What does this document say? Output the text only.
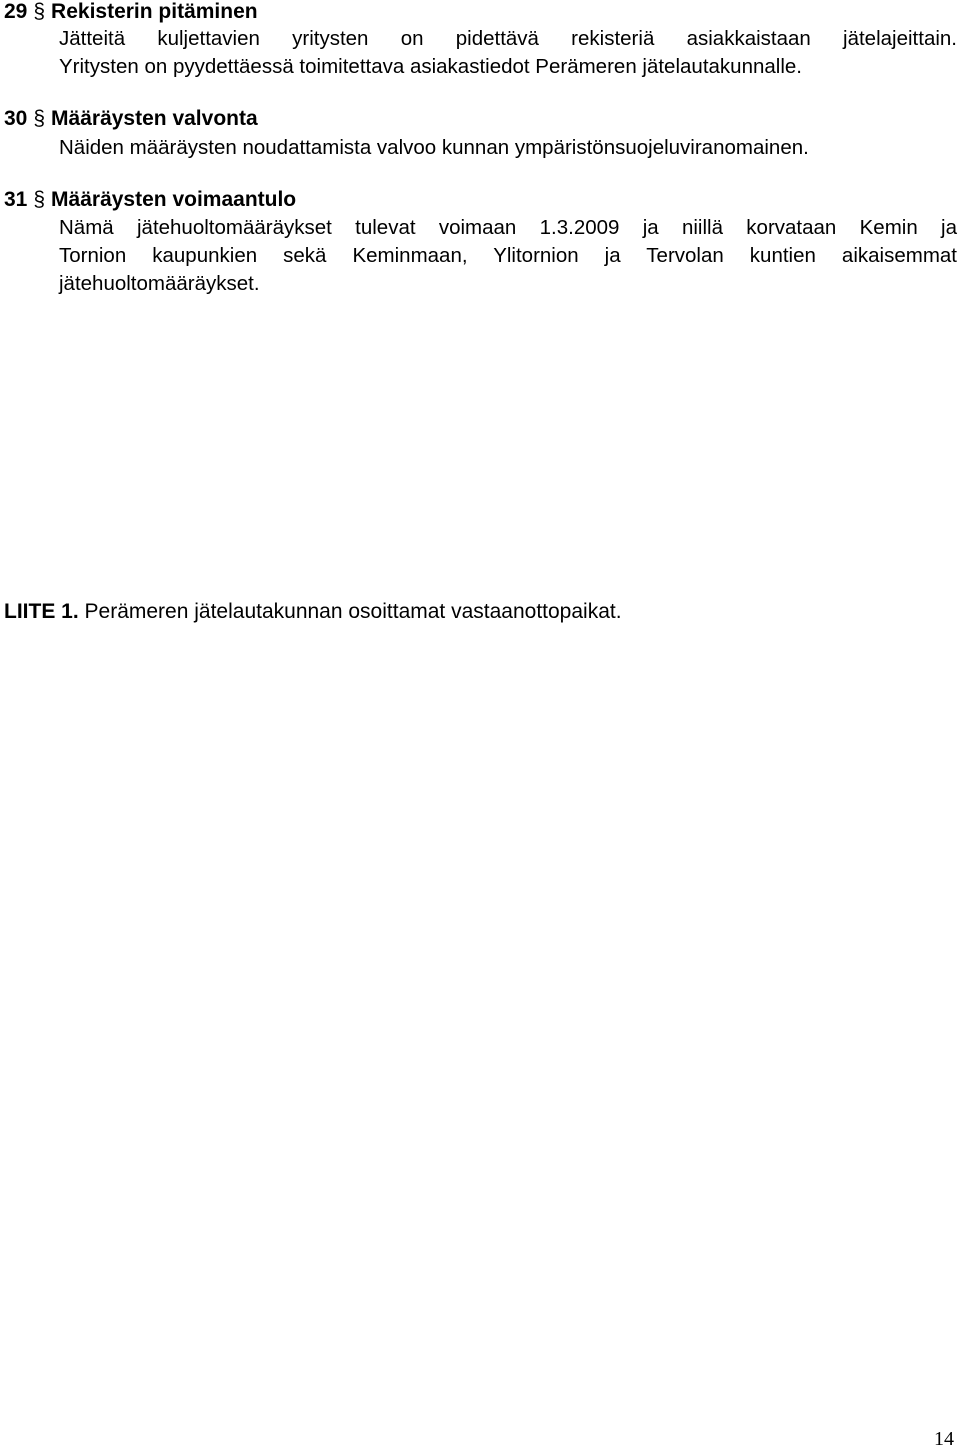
29 § Rekisterin pitäminen
Jätteitä kuljettavien yritysten on pidettävä rekisteriä asiakkaistaan jätelajeittain.
Yritysten on pyydettäessä toimitettava asiakastiedot Perämeren jätelautakunnalle.
30 § Määräysten valvonta
Näiden määräysten noudattamista valvoo kunnan ympäristönsuojeluviranomainen.
31 § Määräysten voimaantulo
Nämä jätehuoltomääräykset tulevat voimaan 1.3.2009 ja niillä korvataan Kemin ja
Tornion kaupunkien sekä Keminmaan, Ylitornion ja Tervolan kuntien aikaisemmat
jätehuoltomääräykset.
LIITE 1. Perämeren jätelautakunnan osoittamat vastaanottopaikat.
14
